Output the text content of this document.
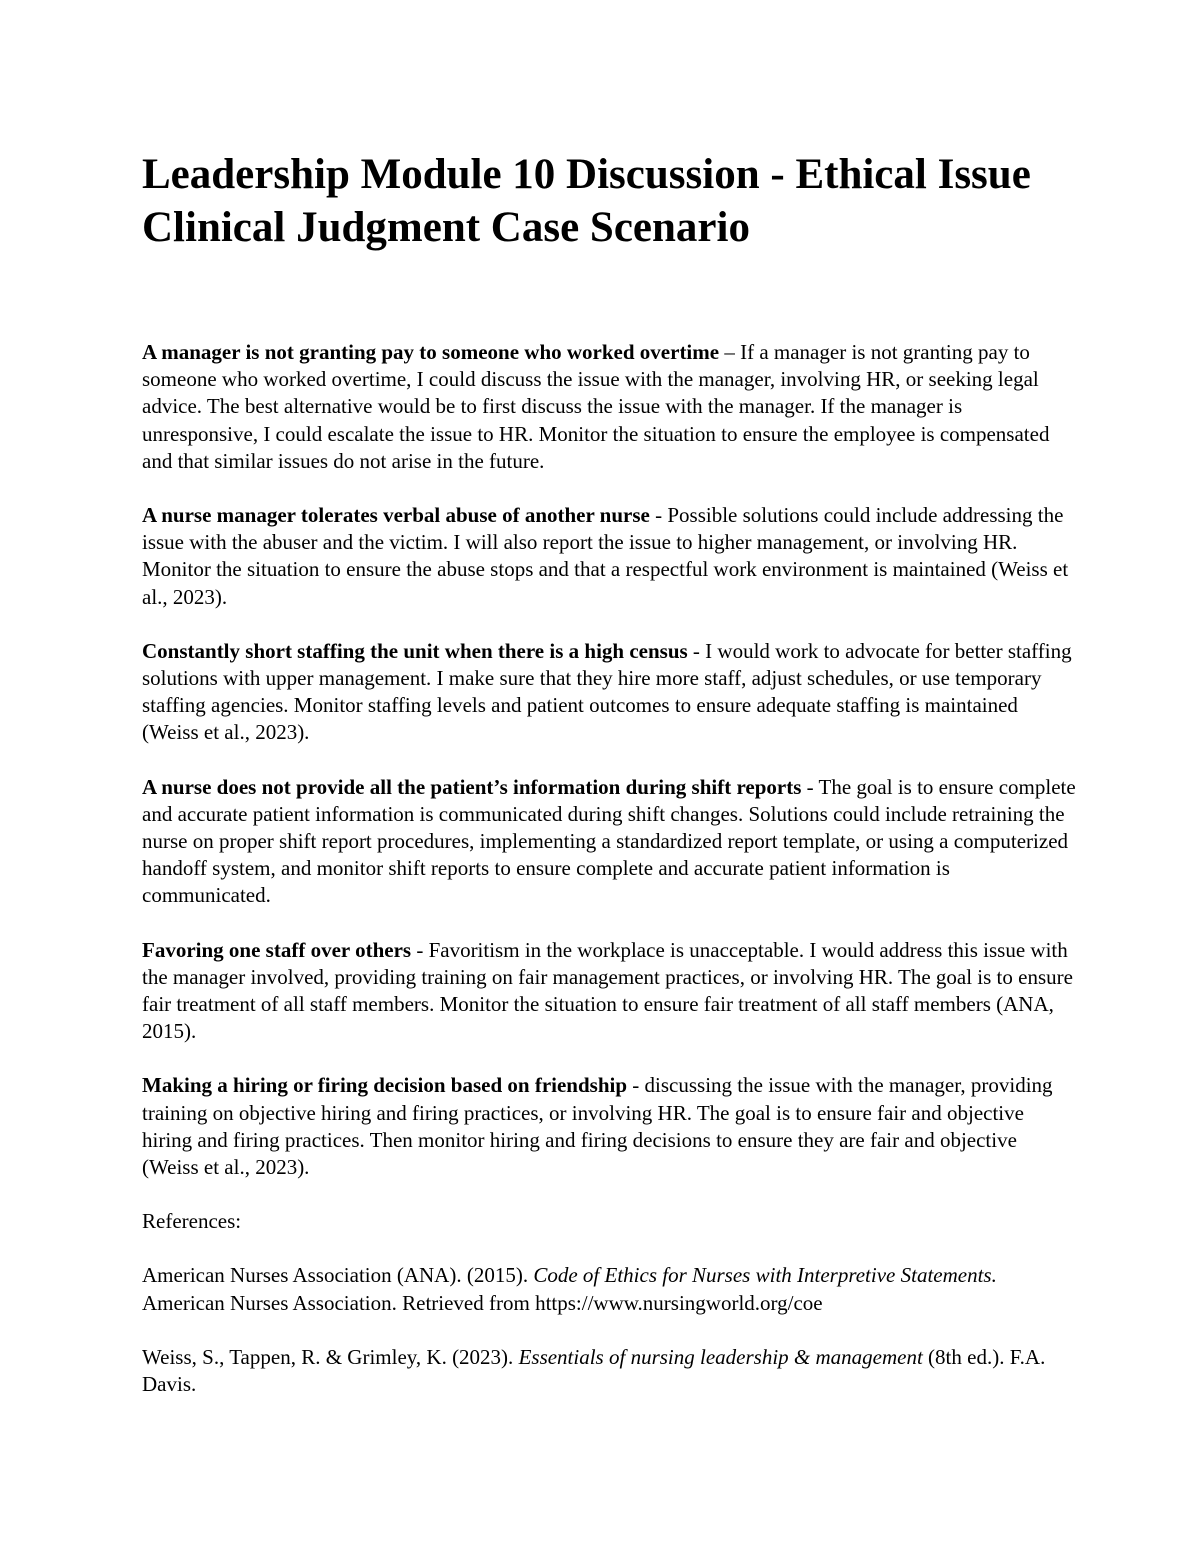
Leadership Module 10 Discussion - Ethical Issue Clinical Judgment Case Scenario

A manager is not granting pay to someone who worked overtime – If a manager is not granting pay to someone who worked overtime, I could discuss the issue with the manager, involving HR, or seeking legal advice. The best alternative would be to first discuss the issue with the manager. If the manager is unresponsive, I could escalate the issue to HR. Monitor the situation to ensure the employee is compensated and that similar issues do not arise in the future.

A nurse manager tolerates verbal abuse of another nurse - Possible solutions could include addressing the issue with the abuser and the victim. I will also report the issue to higher management, or involving HR. Monitor the situation to ensure the abuse stops and that a respectful work environment is maintained (Weiss et al., 2023).

Constantly short staffing the unit when there is a high census - I would work to advocate for better staffing solutions with upper management. I make sure that they hire more staff, adjust schedules, or use temporary staffing agencies. Monitor staffing levels and patient outcomes to ensure adequate staffing is maintained (Weiss et al., 2023).

A nurse does not provide all the patient’s information during shift reports - The goal is to ensure complete and accurate patient information is communicated during shift changes. Solutions could include retraining the nurse on proper shift report procedures, implementing a standardized report template, or using a computerized handoff system, and monitor shift reports to ensure complete and accurate patient information is communicated.

Favoring one staff over others - Favoritism in the workplace is unacceptable. I would address this issue with the manager involved, providing training on fair management practices, or involving HR. The goal is to ensure fair treatment of all staff members. Monitor the situation to ensure fair treatment of all staff members (ANA, 2015).

Making a hiring or firing decision based on friendship - discussing the issue with the manager, providing training on objective hiring and firing practices, or involving HR. The goal is to ensure fair and objective hiring and firing practices. Then monitor hiring and firing decisions to ensure they are fair and objective (Weiss et al., 2023).

References:

American Nurses Association (ANA). (2015). Code of Ethics for Nurses with Interpretive Statements. American Nurses Association. Retrieved from https://www.nursingworld.org/coe

Weiss, S., Tappen, R. & Grimley, K. (2023). Essentials of nursing leadership & management (8th ed.). F.A. Davis.
